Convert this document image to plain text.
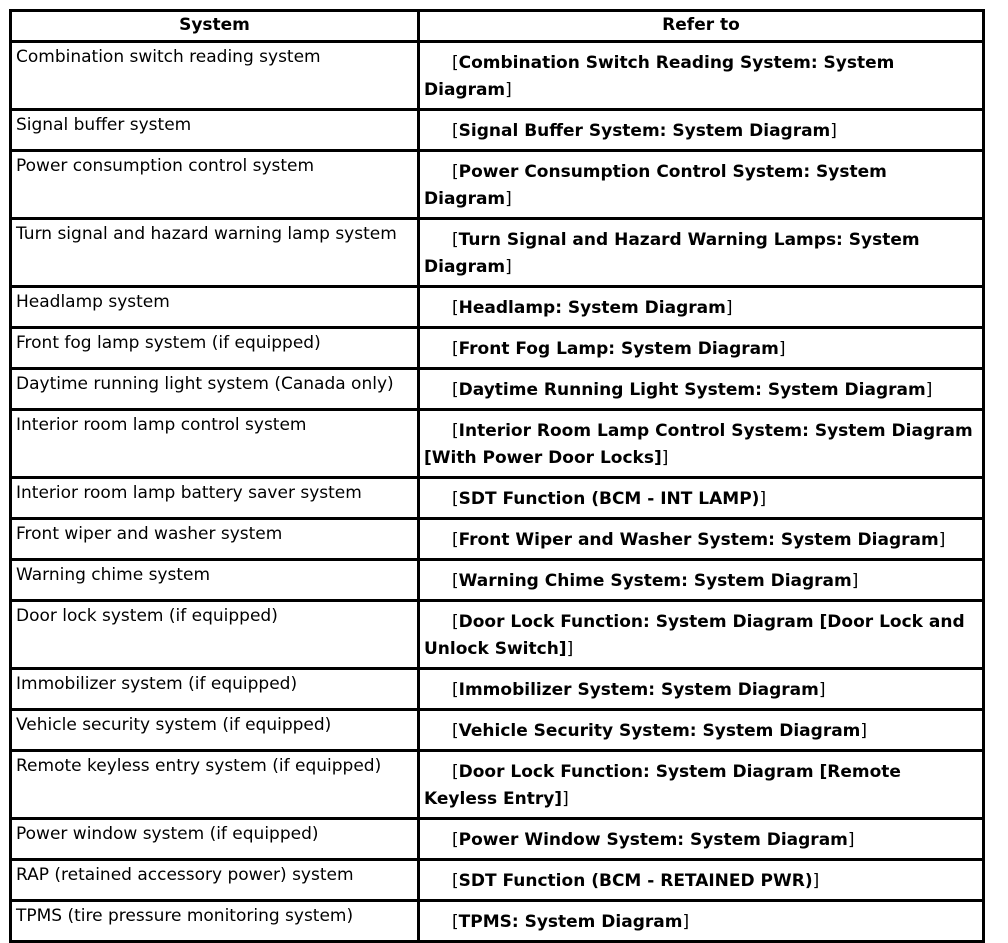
System	Refer to
Combination switch reading system	[Combination Switch Reading System: System Diagram]
Signal buffer system	[Signal Buffer System: System Diagram]
Power consumption control system	[Power Consumption Control System: System Diagram]
Turn signal and hazard warning lamp system	[Turn Signal and Hazard Warning Lamps: System Diagram]
Headlamp system	[Headlamp: System Diagram]
Front fog lamp system (if equipped)	[Front Fog Lamp: System Diagram]
Daytime running light system (Canada only)	[Daytime Running Light System: System Diagram]
Interior room lamp control system	[Interior Room Lamp Control System: System Diagram [With Power Door Locks]]
Interior room lamp battery saver system	[SDT Function (BCM - INT LAMP)]
Front wiper and washer system	[Front Wiper and Washer System: System Diagram]
Warning chime system	[Warning Chime System: System Diagram]
Door lock system (if equipped)	[Door Lock Function: System Diagram [Door Lock and Unlock Switch]]
Immobilizer system (if equipped)	[Immobilizer System: System Diagram]
Vehicle security system (if equipped)	[Vehicle Security System: System Diagram]
Remote keyless entry system (if equipped)	[Door Lock Function: System Diagram [Remote Keyless Entry]]
Power window system (if equipped)	[Power Window System: System Diagram]
RAP (retained accessory power) system	[SDT Function (BCM - RETAINED PWR)]
TPMS (tire pressure monitoring system)	[TPMS: System Diagram]
